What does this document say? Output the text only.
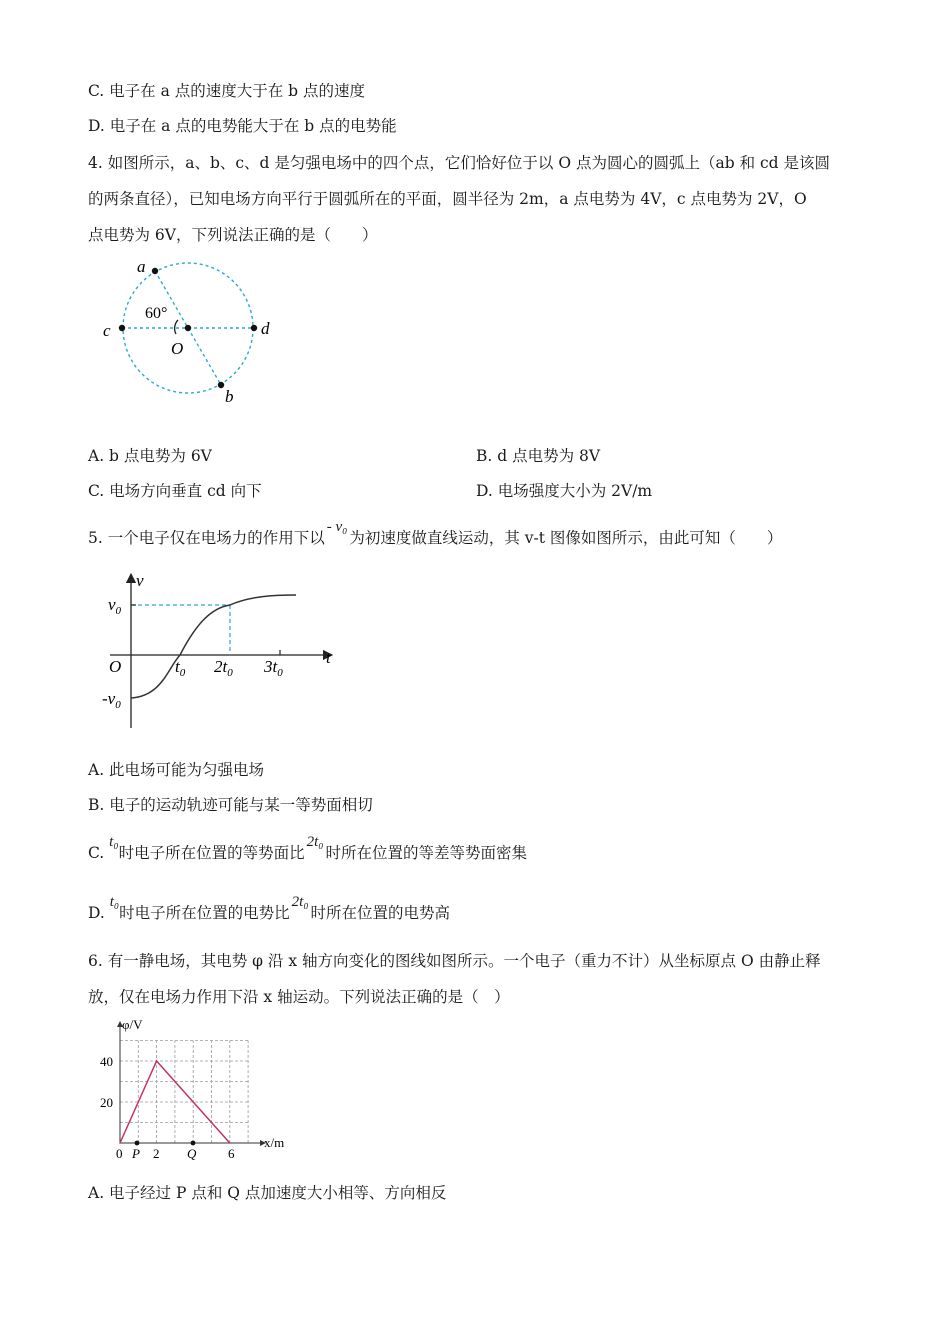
C. 电子在 a 点的速度大于在 b 点的速度
D. 电子在 a 点的电势能大于在 b 点的电势能
4. 如图所示，a、b、c、d 是匀强电场中的四个点，它们恰好位于以 O 点为圆心的圆弧上（ab 和 cd 是该圆
的两条直径），已知电场方向平行于圆弧所在的平面，圆半径为 2m，a 点电势为 4V，c 点电势为 2V，O
点电势为 6V，下列说法正确的是（　　）
a
b
c	d
O
60°
A. b 点电势为 6V	B. d 点电势为 8V
C. 电场方向垂直 cd 向下	D. 电场强度大小为 2V/m
5. 一个电子仅在电场力的作用下以- v₀为初速度做直线运动，其 v-t 图像如图所示，由此可知（　　）
v
t
O
$v_0$
$-v_0$
$t_0$ $2t_0$ $3t_0$
A. 此电场可能为匀强电场
B. 电子的运动轨迹可能与某一等势面相切
C. t₀时电子所在位置的等势面比2t₀时所在位置的等差等势面密集
D. t₀时电子所在位置的电势比2t₀时所在位置的电势高
6. 有一静电场，其电势 φ 沿 x 轴方向变化的图线如图所示。一个电子（重力不计）从坐标原点 O 由静止释
放，仅在电场力作用下沿 x 轴运动。下列说法正确的是（　）
φ/V
x/m
40
20
0 P 2 Q 6
A. 电子经过 P 点和 Q 点加速度大小相等、方向相反
